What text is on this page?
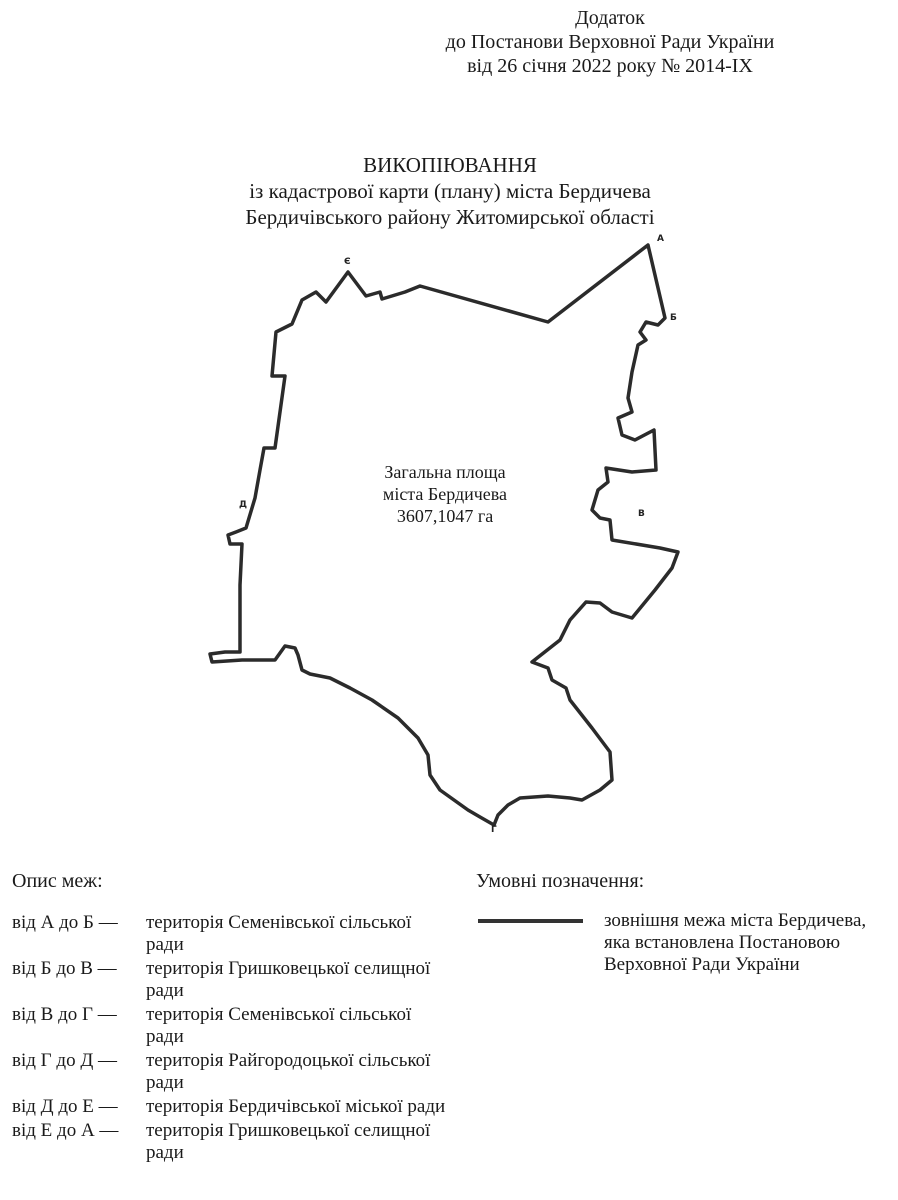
Додаток
до Постанови Верховної Ради України
від 26 січня 2022 року № 2014-IX
ВИКОПІЮВАННЯ
із кадастрової карти (плану) міста Бердичева
Бердичівського району Житомирської області
А
Б
В
Г
Д
Є
Загальна площа
міста Бердичева
3607,1047 га
Опис меж:	Умовні позначення:
від А до Б —	територія Семенівської сільської ради
від Б до В —	територія Гришковецької селищної ради
від В до Г —	територія Семенівської сільської ради
від Г до Д —	територія Райгородоцької сільської ради
від Д до Е —	територія Бердичівської міської ради
від Е до А —	територія Гришковецької селищної ради
зовнішня межа міста Бердичева, яка встановлена Постановою Верховної Ради України
